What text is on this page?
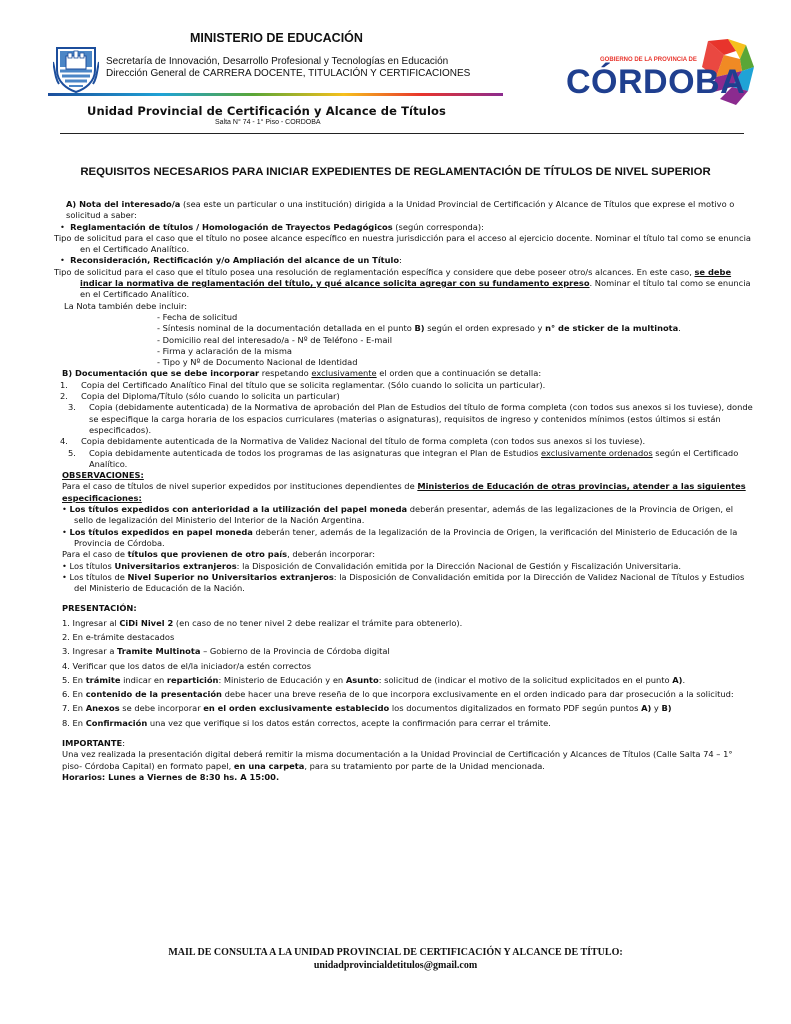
MINISTERIO DE EDUCACIÓN
Secretaría de Innovación, Desarrollo Profesional y Tecnologías en Educación
Dirección General de CARRERA DOCENTE, TITULACIÓN Y CERTIFICACIONES
Unidad Provincial de Certificación y Alcance de Títulos
Salta N° 74 - 1° Piso - CORDOBA
GOBIERNO DE LA PROVINCIA DE
CÓRDOBA
REQUISITOS NECESARIOS PARA INICIAR EXPEDIENTES DE REGLAMENTACIÓN DE TÍTULOS DE NIVEL SUPERIOR

A) Nota del interesado/a (sea este un particular o una institución) dirigida a la Unidad Provincial de Certificación y Alcance de Títulos que exprese el motivo o solicitud a saber:

•  Reglamentación de títulos / Homologación de Trayectos Pedagógicos (según corresponda):

Tipo de solicitud para el caso que el título no posee alcance específico en nuestra jurisdicción para el acceso al ejercicio docente. Nominar el título tal como se enuncia en el Certificado Analítico.

•  Reconsideración, Rectificación y/o Ampliación del alcance de un Título:

Tipo de solicitud para el caso que el título posea una resolución de reglamentación específica y considere que debe poseer otro/s alcances. En este caso, se debe indicar la normativa de reglamentación del título, y qué alcance solicita agregar con su fundamento expreso. Nominar el título tal como se enuncia en el Certificado Analítico.

La Nota también debe incluir:

- Fecha de solicitud

- Síntesis nominal de la documentación detallada en el punto B) según el orden expresado y n° de sticker de la multinota.

- Domicilio real del interesado/a - Nº de Teléfono - E-mail

- Firma y aclaración de la misma

- Tipo y Nº de Documento Nacional de Identidad

B) Documentación que se debe incorporar respetando exclusivamente el orden que a continuación se detalla:

1. Copia del Certificado Analítico Final del título que se solicita reglamentar. (Sólo cuando lo solicita un particular).

2. Copia del Diploma/Título (sólo cuando lo solicita un particular)

3. Copia (debidamente autenticada) de la Normativa de aprobación del Plan de Estudios del título de forma completa (con todos sus anexos si los tuviese), donde se especifique la carga horaria de los espacios curriculares (materias o asignaturas), requisitos de ingreso y contenidos mínimos (estos últimos si están especificados).

4. Copia debidamente autenticada de la Normativa de Validez Nacional del título de forma completa (con todos sus anexos si los tuviese).

5. Copia debidamente autenticada de todos los programas de las asignaturas que integran el Plan de Estudios exclusivamente ordenados según el Certificado Analítico.

OBSERVACIONES:

Para el caso de títulos de nivel superior expedidos por instituciones dependientes de Ministerios de Educación de otras provincias, atender a las siguientes especificaciones:

• Los títulos expedidos con anterioridad a la utilización del papel moneda deberán presentar, además de las legalizaciones de la Provincia de Origen, el sello de legalización del Ministerio del Interior de la Nación Argentina.

• Los títulos expedidos en papel moneda deberán tener, además de la legalización de la Provincia de Origen, la verificación del Ministerio de Educación de la Provincia de Córdoba.

Para el caso de títulos que provienen de otro país, deberán incorporar:

• Los títulos Universitarios extranjeros: la Disposición de Convalidación emitida por la Dirección Nacional de Gestión y Fiscalización Universitaria.

• Los títulos de Nivel Superior no Universitarios extranjeros: la Disposición de Convalidación emitida por la Dirección de Validez Nacional de Títulos y Estudios del Ministerio de Educación de la Nación.

PRESENTACIÓN:

1. Ingresar al CiDi Nivel 2 (en caso de no tener nivel 2 debe realizar el trámite para obtenerlo).

2. En e-trámite destacados

3. Ingresar a Tramite Multinota – Gobierno de la Provincia de Córdoba digital

4. Verificar que los datos de el/la iniciador/a estén correctos

5. En trámite indicar en repartición: Ministerio de Educación y en Asunto: solicitud de (indicar el motivo de la solicitud explicitados en el punto A).

6. En contenido de la presentación debe hacer una breve reseña de lo que incorpora exclusivamente en el orden indicado para dar prosecución a la solicitud:

7. En Anexos se debe incorporar en el orden exclusivamente establecido los documentos digitalizados en formato PDF según puntos A) y B)

8. En Confirmación una vez que verifique si los datos están correctos, acepte la confirmación para cerrar el trámite.

IMPORTANTE:

Una vez realizada la presentación digital deberá remitir la misma documentación a la Unidad Provincial de Certificación y Alcances de Títulos (Calle Salta 74 – 1° piso- Córdoba Capital) en formato papel, en una carpeta, para su tratamiento por parte de la Unidad mencionada.

Horarios: Lunes a Viernes de 8:30 hs. A 15:00.

MAIL DE CONSULTA A LA UNIDAD PROVINCIAL DE CERTIFICACIÓN Y ALCANCE DE TÍTULO:
unidadprovincialdetitulos@gmail.com
